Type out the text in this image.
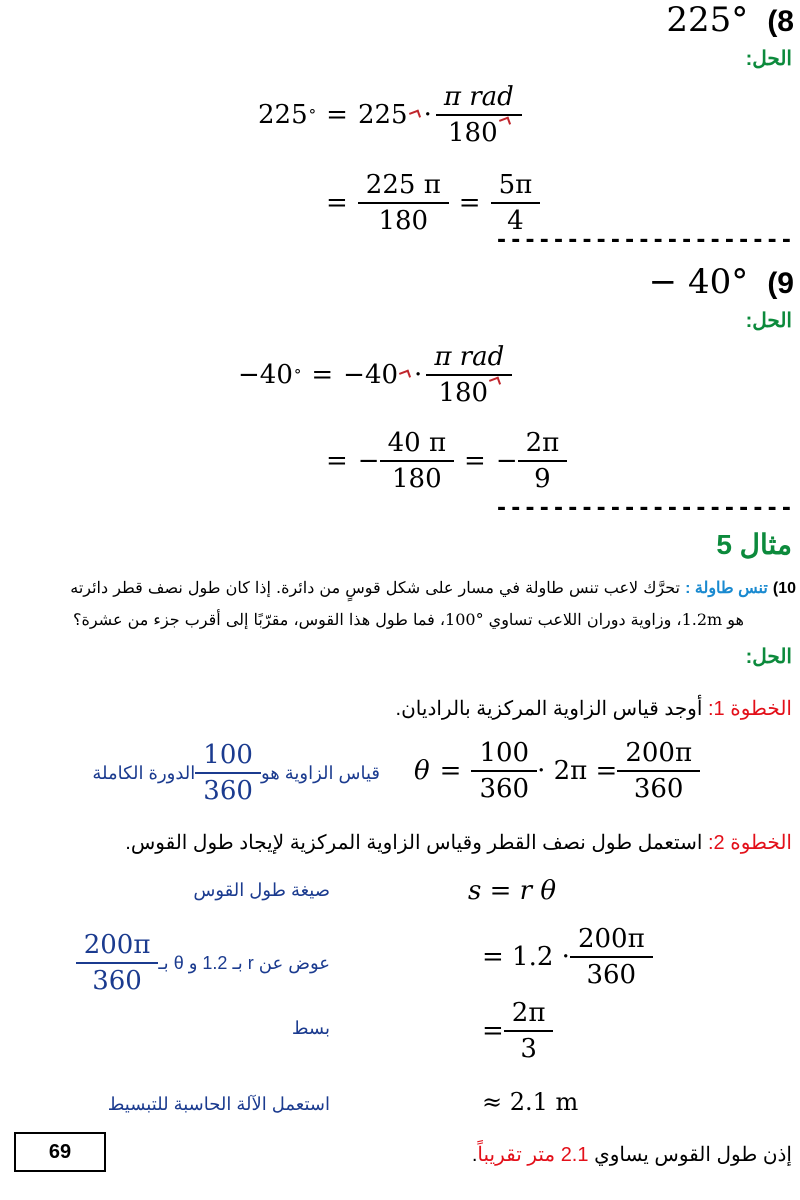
225° (8
الحل:
225 ° = $225 \cdot \frac{\text{π rad}}{180}$
= $\frac{225 \pi}{180} = \frac{5\pi}{4}$
---------------------
− 40° (9
الحل:
−40 ° = $-40 \cdot \frac{\text{π rad}}{180}$
= − $\frac{40 \pi}{180}$ = − $\frac{2\pi}{9}$
---------------------
مثال 5
10) تنس طاولة : تحرَّك لاعب تنس طاولة في مسار على شكل قوسٍ من دائرة. إذا كان طول نصف قطر دائرته
هو 1.2m، وزاوية دوران اللاعب تساوي °100، فما طول هذا القوس، مقرّبًا إلى أقرب جزء من عشرة؟
الحل:
الخطوة 1: أوجد قياس الزاوية المركزية بالراديان.
قياس الزاوية هو
$\frac{100}{360}$
الدورة الكاملة	$\theta = \frac{100}{360} \cdot 2\pi = \frac{200\pi}{360}$
الخطوة 2: استعمل طول نصف القطر وقياس الزاوية المركزية لإيجاد طول القوس.
صيغة طول القوس	s = r θ
عوض عن r بـ 1.2 و θ بـ
$\frac{200\pi}{360}$	= $1.2 \cdot \frac{200\pi}{360}$
بسط	= $\frac{2\pi}{3}$
استعمل الآلة الحاسبة للتبسيط	≈ 2.1 m
إذن طول القوس يساوي 2.1 متر تقريباً.
69
